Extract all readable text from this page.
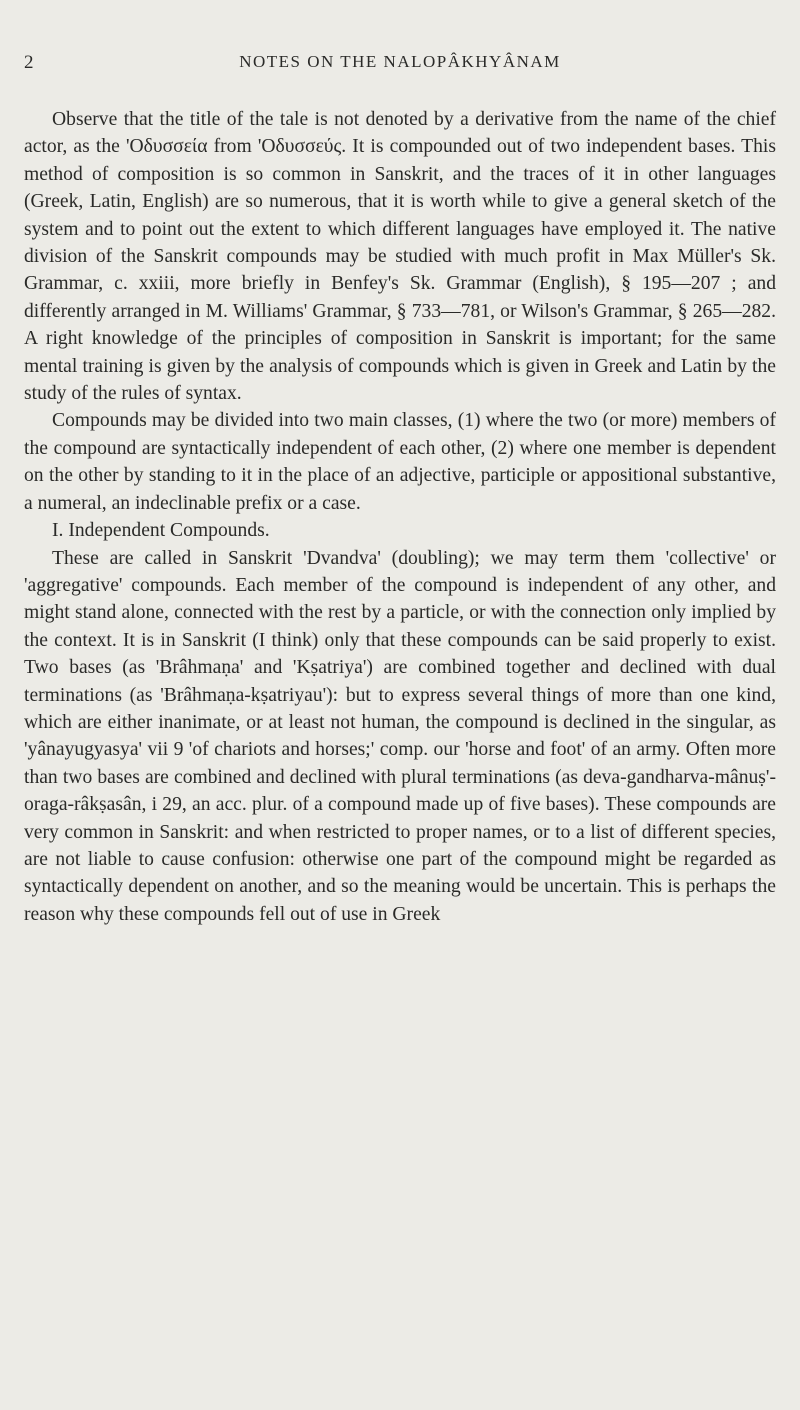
2	NOTES ON THE NALOPÂKHYÂNAM

Observe that the title of the tale is not denoted by a derivative from the name of the chief actor, as the 'Οδυσσεία from 'Οδυσσεύς. It is compounded out of two independent bases. This method of composition is so common in Sanskrit, and the traces of it in other languages (Greek, Latin, English) are so numerous, that it is worth while to give a general sketch of the system and to point out the extent to which different languages have employed it. The native division of the Sanskrit compounds may be studied with much profit in Max Müller's Sk. Grammar, c. xxiii, more briefly in Benfey's Sk. Grammar (English), § 195—207 ; and differently arranged in M. Williams' Grammar, § 733—781, or Wilson's Grammar, § 265—282. A right knowledge of the principles of composition in Sanskrit is important; for the same mental training is given by the analysis of compounds which is given in Greek and Latin by the study of the rules of syntax.

Compounds may be divided into two main classes, (1) where the two (or more) members of the compound are syntactically independent of each other, (2) where one member is dependent on the other by standing to it in the place of an adjective, participle or appositional substantive, a numeral, an indeclinable prefix or a case.

I. Independent Compounds.

These are called in Sanskrit 'Dvandva' (doubling); we may term them 'collective' or 'aggregative' compounds. Each member of the compound is independent of any other, and might stand alone, connected with the rest by a particle, or with the connection only implied by the context. It is in Sanskrit (I think) only that these compounds can be said properly to exist. Two bases (as 'Brâhmaṇa' and 'Kṣatriya') are combined together and declined with dual terminations (as 'Brâhmaṇa-kṣatriyau'): but to express several things of more than one kind, which are either inanimate, or at least not human, the compound is declined in the singular, as 'yânayugyasya' vii 9 'of chariots and horses;' comp. our 'horse and foot' of an army. Often more than two bases are combined and declined with plural terminations (as deva-gandharva-mânuṣ'-oraga-râkṣasân, i 29, an acc. plur. of a compound made up of five bases). These compounds are very common in Sanskrit: and when restricted to proper names, or to a list of different species, are not liable to cause confusion: otherwise one part of the compound might be regarded as syntactically dependent on another, and so the meaning would be uncertain. This is perhaps the reason why these compounds fell out of use in Greek
